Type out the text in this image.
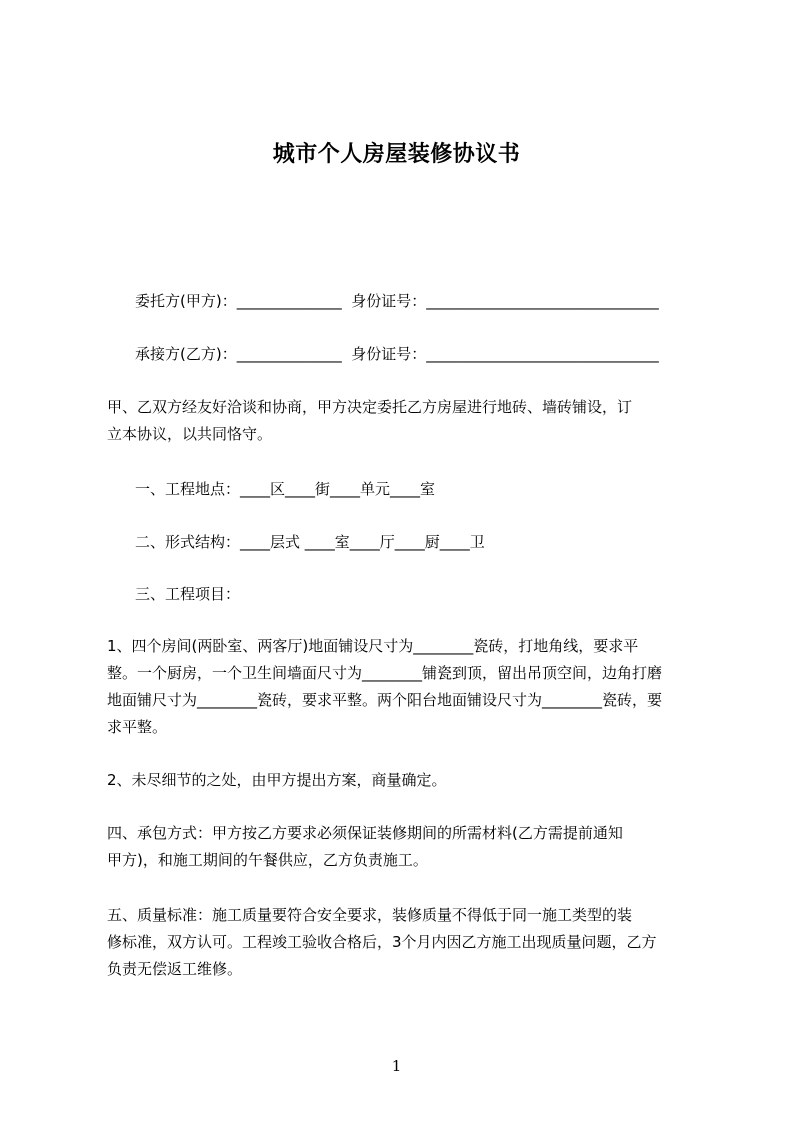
城市个人房屋装修协议书
委托方(甲方)：______________  身份证号：_______________________________
承接方(乙方)：______________  身份证号：_______________________________
甲、乙双方经友好洽谈和协商，甲方决定委托乙方房屋进行地砖、墙砖铺设，订
立本协议，以共同恪守。
一、工程地点：____区____街____单元____室
二、形式结构：____层式 ____室____厅____厨____卫
三、工程项目：
1、四个房间(两卧室、两客厅)地面铺设尺寸为________瓷砖，打地角线，要求平
整。一个厨房，一个卫生间墙面尺寸为________铺瓷到顶，留出吊顶空间，边角打磨
地面铺尺寸为________瓷砖，要求平整。两个阳台地面铺设尺寸为________瓷砖，要
求平整。
2、未尽细节的之处，由甲方提出方案，商量确定。
四、承包方式：甲方按乙方要求必须保证装修期间的所需材料(乙方需提前通知
甲方)，和施工期间的午餐供应，乙方负责施工。
五、质量标准：施工质量要符合安全要求，装修质量不得低于同一施工类型的装
修标准，双方认可。工程竣工验收合格后，3个月内因乙方施工出现质量问题，乙方
负责无偿返工维修。
1
